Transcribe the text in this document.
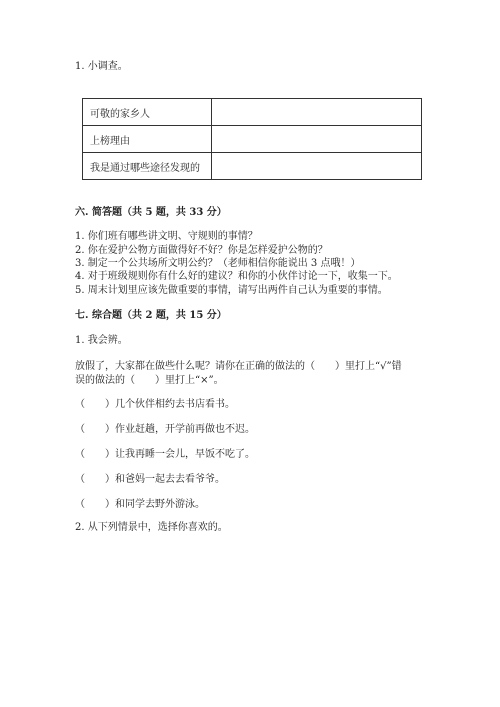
1. 小调查。
可敬的家乡人	
上榜理由	
我是通过哪些途径发现的	
六. 简答题（共 5 题，共 33 分）
1. 你们班有哪些讲文明、守规则的事情？
2. 你在爱护公物方面做得好不好？你是怎样爱护公物的？
3. 制定一个公共场所文明公约？（老师相信你能说出 3 点哦！）
4. 对于班级规则你有什么好的建议？和你的小伙伴讨论一下，收集一下。
5. 周末计划里应该先做重要的事情，请写出两件自己认为重要的事情。
七. 综合题（共 2 题，共 15 分）
1. 我会辨。
放假了，大家都在做些什么呢？请你在正确的做法的（　　）里打上“√”错
误的做法的（　　）里打上“×”。
（　　）几个伙伴相约去书店看书。
（　　）作业赶趟，开学前再做也不迟。
（　　）让我再睡一会儿，早饭不吃了。
（　　）和爸妈一起去去看爷爷。
（　　）和同学去野外游泳。
2. 从下列情景中，选择你喜欢的。
